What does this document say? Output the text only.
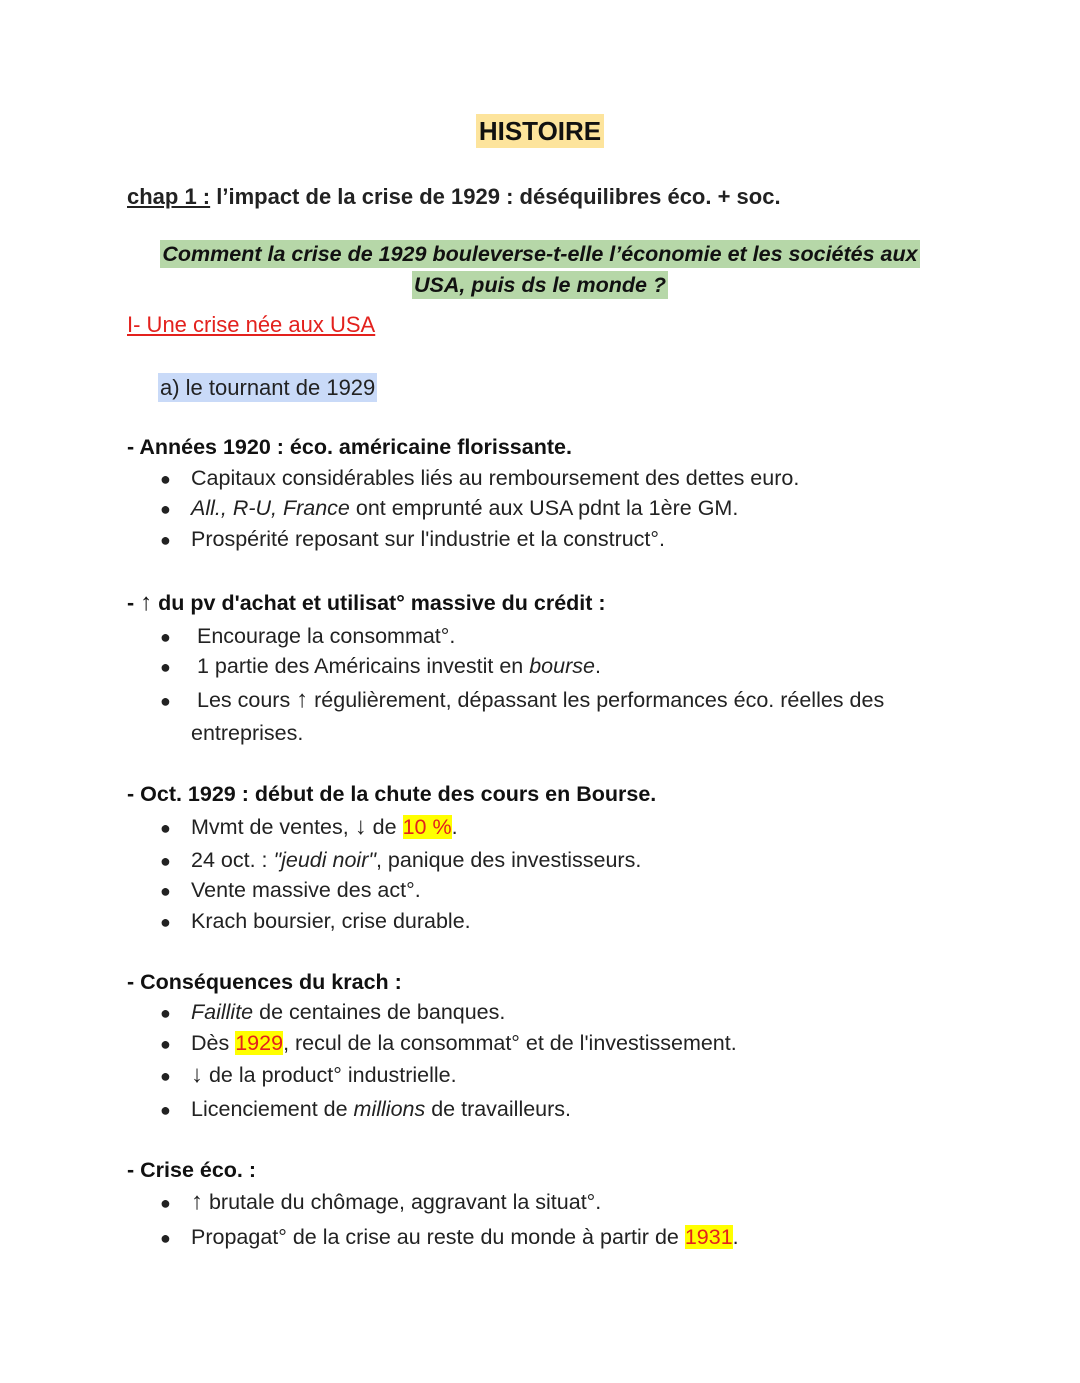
HISTOIRE
chap 1 : l’impact de la crise de 1929 : déséquilibres éco. + soc.
Comment la crise de 1929 bouleverse-t-elle l’économie et les sociétés aux
USA, puis ds le monde ?
I- Une crise née aux USA
a) le tournant de 1929
- Années 1920 : éco. américaine florissante.
● Capitaux considérables liés au remboursement des dettes euro.
● All., R-U, France ont emprunté aux USA pdnt la 1ère GM.
● Prospérité reposant sur l'industrie et la construct°.
- ↑ du pv d'achat et utilisat° massive du crédit :
● Encourage la consommat°.
● 1 partie des Américains investit en bourse.
● Les cours ↑ régulièrement, dépassant les performances éco. réelles des
entreprises.
- Oct. 1929 : début de la chute des cours en Bourse.
● Mvmt de ventes, ↓ de 10 %.
● 24 oct. : "jeudi noir", panique des investisseurs.
● Vente massive des act°.
● Krach boursier, crise durable.
- Conséquences du krach :
● Faillite de centaines de banques.
● Dès 1929, recul de la consommat° et de l'investissement.
● ↓ de la product° industrielle.
● Licenciement de millions de travailleurs.
- Crise éco. :
● ↑ brutale du chômage, aggravant la situat°.
● Propagat° de la crise au reste du monde à partir de 1931.
